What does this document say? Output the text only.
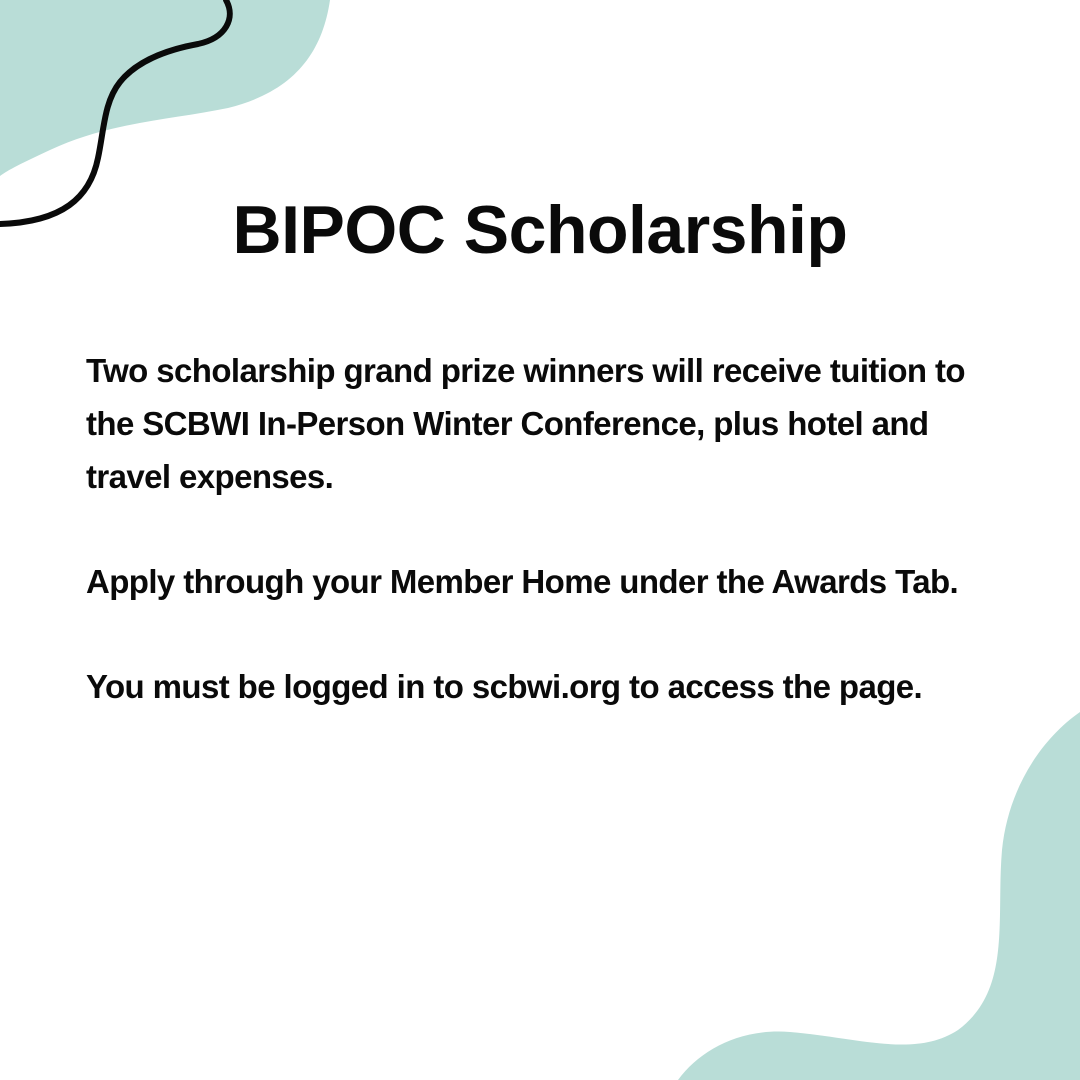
BIPOC Scholarship

Two scholarship grand prize winners will receive tuition to the SCBWI In-Person Winter Conference, plus hotel and travel expenses.

Apply through your Member Home under the Awards Tab.

You must be logged in to scbwi.org to access the page.
